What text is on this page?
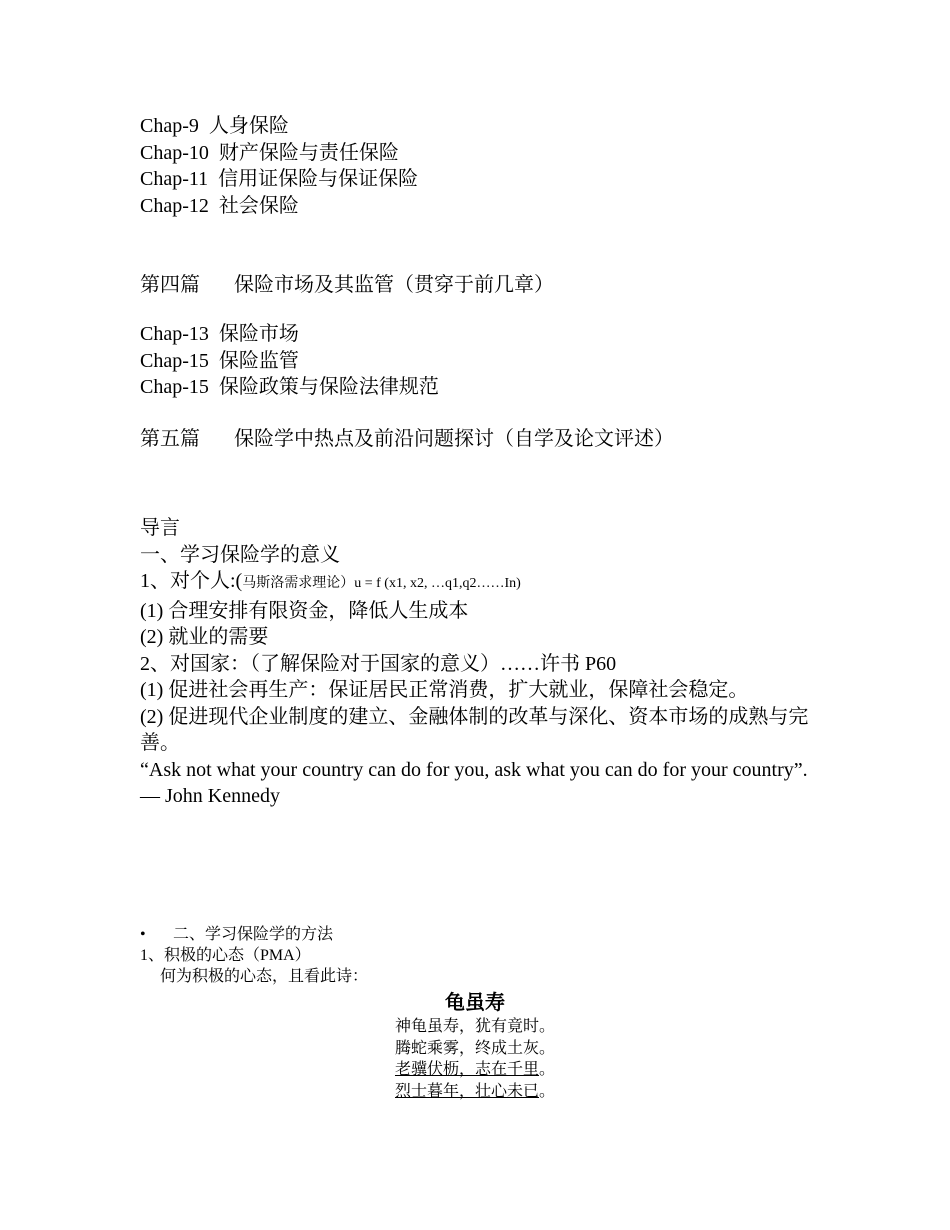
Chap-9 人身保险
Chap-10 财产保险与责任保险
Chap-11 信用证保险与保证保险
Chap-12 社会保险
第四篇 保险市场及其监管（贯穿于前几章）
Chap-13 保险市场
Chap-15 保险监管
Chap-15 保险政策与保险法律规范
第五篇 保险学中热点及前沿问题探讨（自学及论文评述）
导言
一、学习保险学的意义
1、对个人:(马斯洛需求理论）u = f (x1, x2, …q1,q2……In)
(1) 合理安排有限资金，降低人生成本
(2) 就业的需要
2、对国家：（了解保险对于国家的意义）……许书 P60
(1) 促进社会再生产：保证居民正常消费，扩大就业，保障社会稳定。
(2) 促进现代企业制度的建立、金融体制的改革与深化、资本市场的成熟与完善。
“Ask not what your country can do for you, ask what you can do for your country”. — John Kennedy
• 二、学习保险学的方法
1、积极的心态（PMA）
何为积极的心态，且看此诗：
龟虽寿
神龟虽寿，犹有竟时。
腾蛇乘雾，终成土灰。
老骥伏枥，志在千里。
烈士暮年，壮心未已。
